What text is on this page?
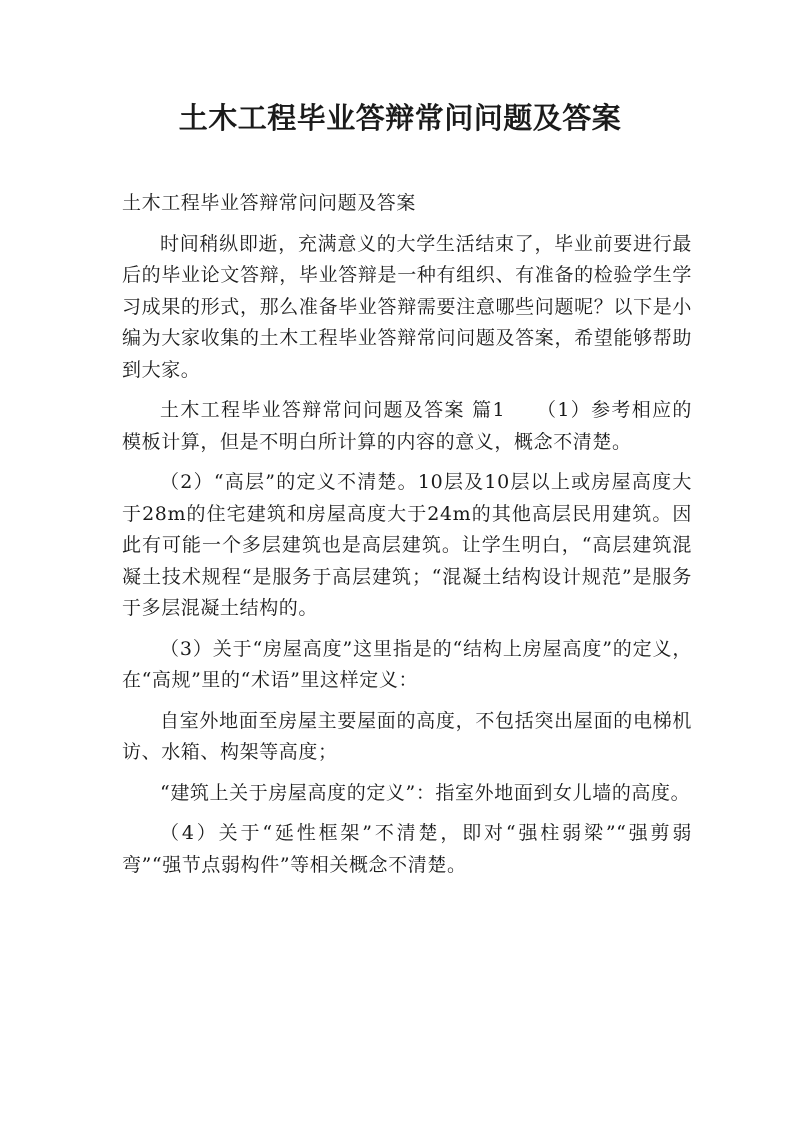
土木工程毕业答辩常问问题及答案

土木工程毕业答辩常问问题及答案

时间稍纵即逝，充满意义的大学生活结束了，毕业前要进行最后的毕业论文答辩，毕业答辩是一种有组织、有准备的检验学生学习成果的形式，那么准备毕业答辩需要注意哪些问题呢？以下是小编为大家收集的土木工程毕业答辩常问问题及答案，希望能够帮助到大家。

土木工程毕业答辩常问问题及答案 篇1　　（1）参考相应的模板计算，但是不明白所计算的内容的意义，概念不清楚。

（2）“高层”的定义不清楚。10层及10层以上或房屋高度大于28m的住宅建筑和房屋高度大于24m的其他高层民用建筑。因此有可能一个多层建筑也是高层建筑。让学生明白，“高层建筑混凝土技术规程“是服务于高层建筑；“混凝土结构设计规范”是服务于多层混凝土结构的。

（3）关于“房屋高度”这里指是的“结构上房屋高度”的定义，在“高规”里的“术语”里这样定义：

自室外地面至房屋主要屋面的高度，不包括突出屋面的电梯机访、水箱、构架等高度；

“建筑上关于房屋高度的定义”：指室外地面到女儿墙的高度。

（4）关于“延性框架”不清楚，即对“强柱弱梁”“强剪弱弯”“强节点弱构件”等相关概念不清楚。
